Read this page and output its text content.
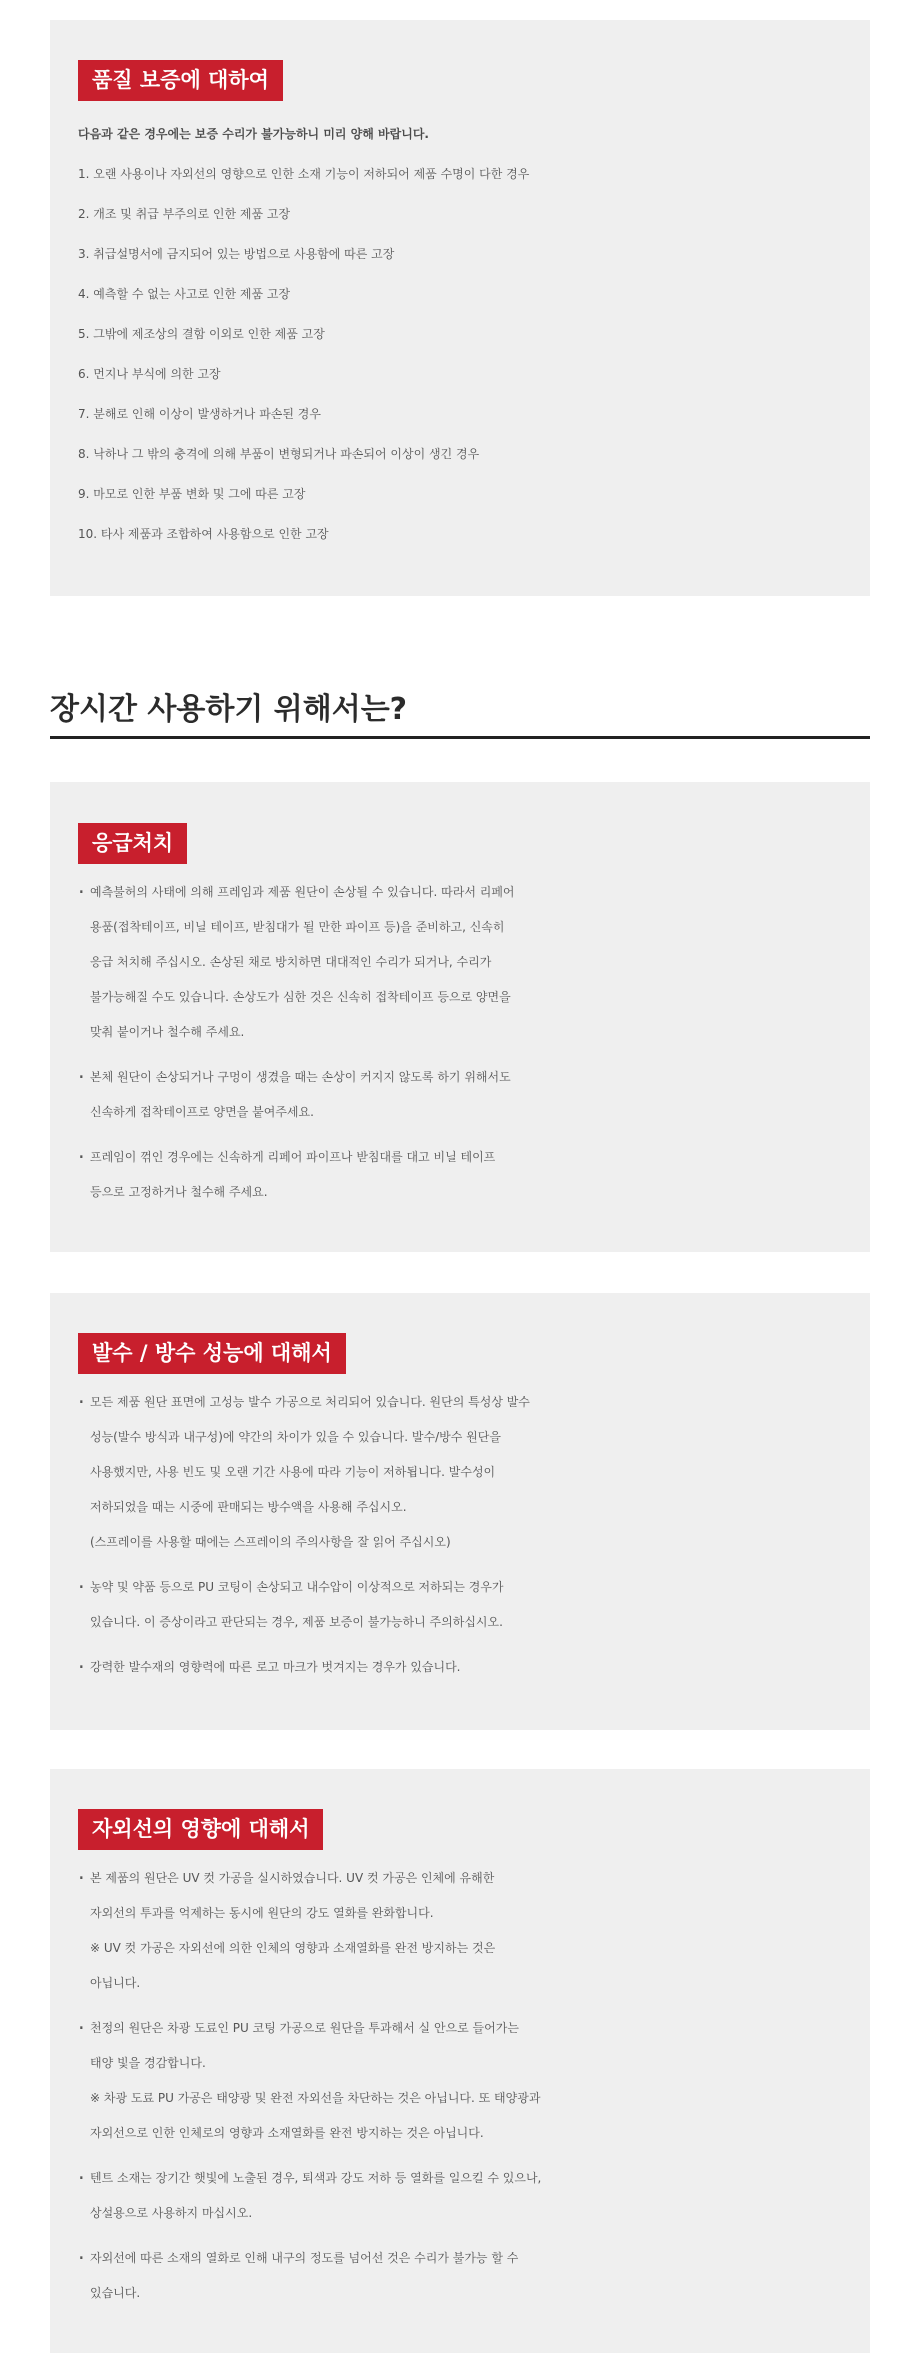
품질 보증에 대하여
다음과 같은 경우에는 보증 수리가 불가능하니 미리 양해 바랍니다.
1. 오랜 사용이나 자외선의 영향으로 인한 소재 기능이 저하되어 제품 수명이 다한 경우
2. 개조 및 취급 부주의로 인한 제품 고장
3. 취급설명서에 금지되어 있는 방법으로 사용함에 따른 고장
4. 예측할 수 없는 사고로 인한 제품 고장
5. 그밖에 제조상의 결함 이외로 인한 제품 고장
6. 먼지나 부식에 의한 고장
7. 분해로 인해 이상이 발생하거나 파손된 경우
8. 낙하나 그 밖의 충격에 의해 부품이 변형되거나 파손되어 이상이 생긴 경우
9. 마모로 인한 부품 변화 및 그에 따른 고장
10. 타사 제품과 조합하여 사용함으로 인한 고장
장시간 사용하기 위해서는?
응급처치
· 예측불허의 사태에 의해 프레임과 제품 원단이 손상될 수 있습니다. 따라서 리페어
용품(접착테이프, 비닐 테이프, 받침대가 될 만한 파이프 등)을 준비하고, 신속히
응급 처치해 주십시오. 손상된 채로 방치하면 대대적인 수리가 되거나, 수리가
불가능해질 수도 있습니다. 손상도가 심한 것은 신속히 접착테이프 등으로 양면을
맞춰 붙이거나 철수해 주세요.
· 본체 원단이 손상되거나 구멍이 생겼을 때는 손상이 커지지 않도록 하기 위해서도
신속하게 접착테이프로 양면을 붙여주세요.
· 프레임이 꺾인 경우에는 신속하게 리페어 파이프나 받침대를 대고 비닐 테이프
등으로 고정하거나 철수해 주세요.
발수 / 방수 성능에 대해서
· 모든 제품 원단 표면에 고성능 발수 가공으로 처리되어 있습니다. 원단의 특성상 발수
성능(발수 방식과 내구성)에 약간의 차이가 있을 수 있습니다. 발수/방수 원단을
사용했지만, 사용 빈도 및 오랜 기간 사용에 따라 기능이 저하됩니다. 발수성이
저하되었을 때는 시중에 판매되는 방수액을 사용해 주십시오.
(스프레이를 사용할 때에는 스프레이의 주의사항을 잘 읽어 주십시오)
· 농약 및 약품 등으로 PU 코팅이 손상되고 내수압이 이상적으로 저하되는 경우가
있습니다. 이 증상이라고 판단되는 경우, 제품 보증이 불가능하니 주의하십시오.
· 강력한 발수재의 영향력에 따른 로고 마크가 벗겨지는 경우가 있습니다.
자외선의 영향에 대해서
· 본 제품의 원단은 UV 컷 가공을 실시하였습니다. UV 컷 가공은 인체에 유해한
자외선의 투과를 억제하는 동시에 원단의 강도 열화를 완화합니다.
※ UV 컷 가공은 자외선에 의한 인체의 영향과 소재열화를 완전 방지하는 것은
아닙니다.
· 천정의 원단은 차광 도료인 PU 코팅 가공으로 원단을 투과해서 실 안으로 들어가는
태양 빛을 경감합니다.
※ 차광 도료 PU 가공은 태양광 및 완전 자외선을 차단하는 것은 아닙니다. 또 태양광과
자외선으로 인한 인체로의 영향과 소재열화를 완전 방지하는 것은 아닙니다.
· 텐트 소재는 장기간 햇빛에 노출된 경우, 퇴색과 강도 저하 등 열화를 일으킬 수 있으나,
상설용으로 사용하지 마십시오.
· 자외선에 따른 소재의 열화로 인해 내구의 정도를 넘어선 것은 수리가 불가능 할 수
있습니다.
